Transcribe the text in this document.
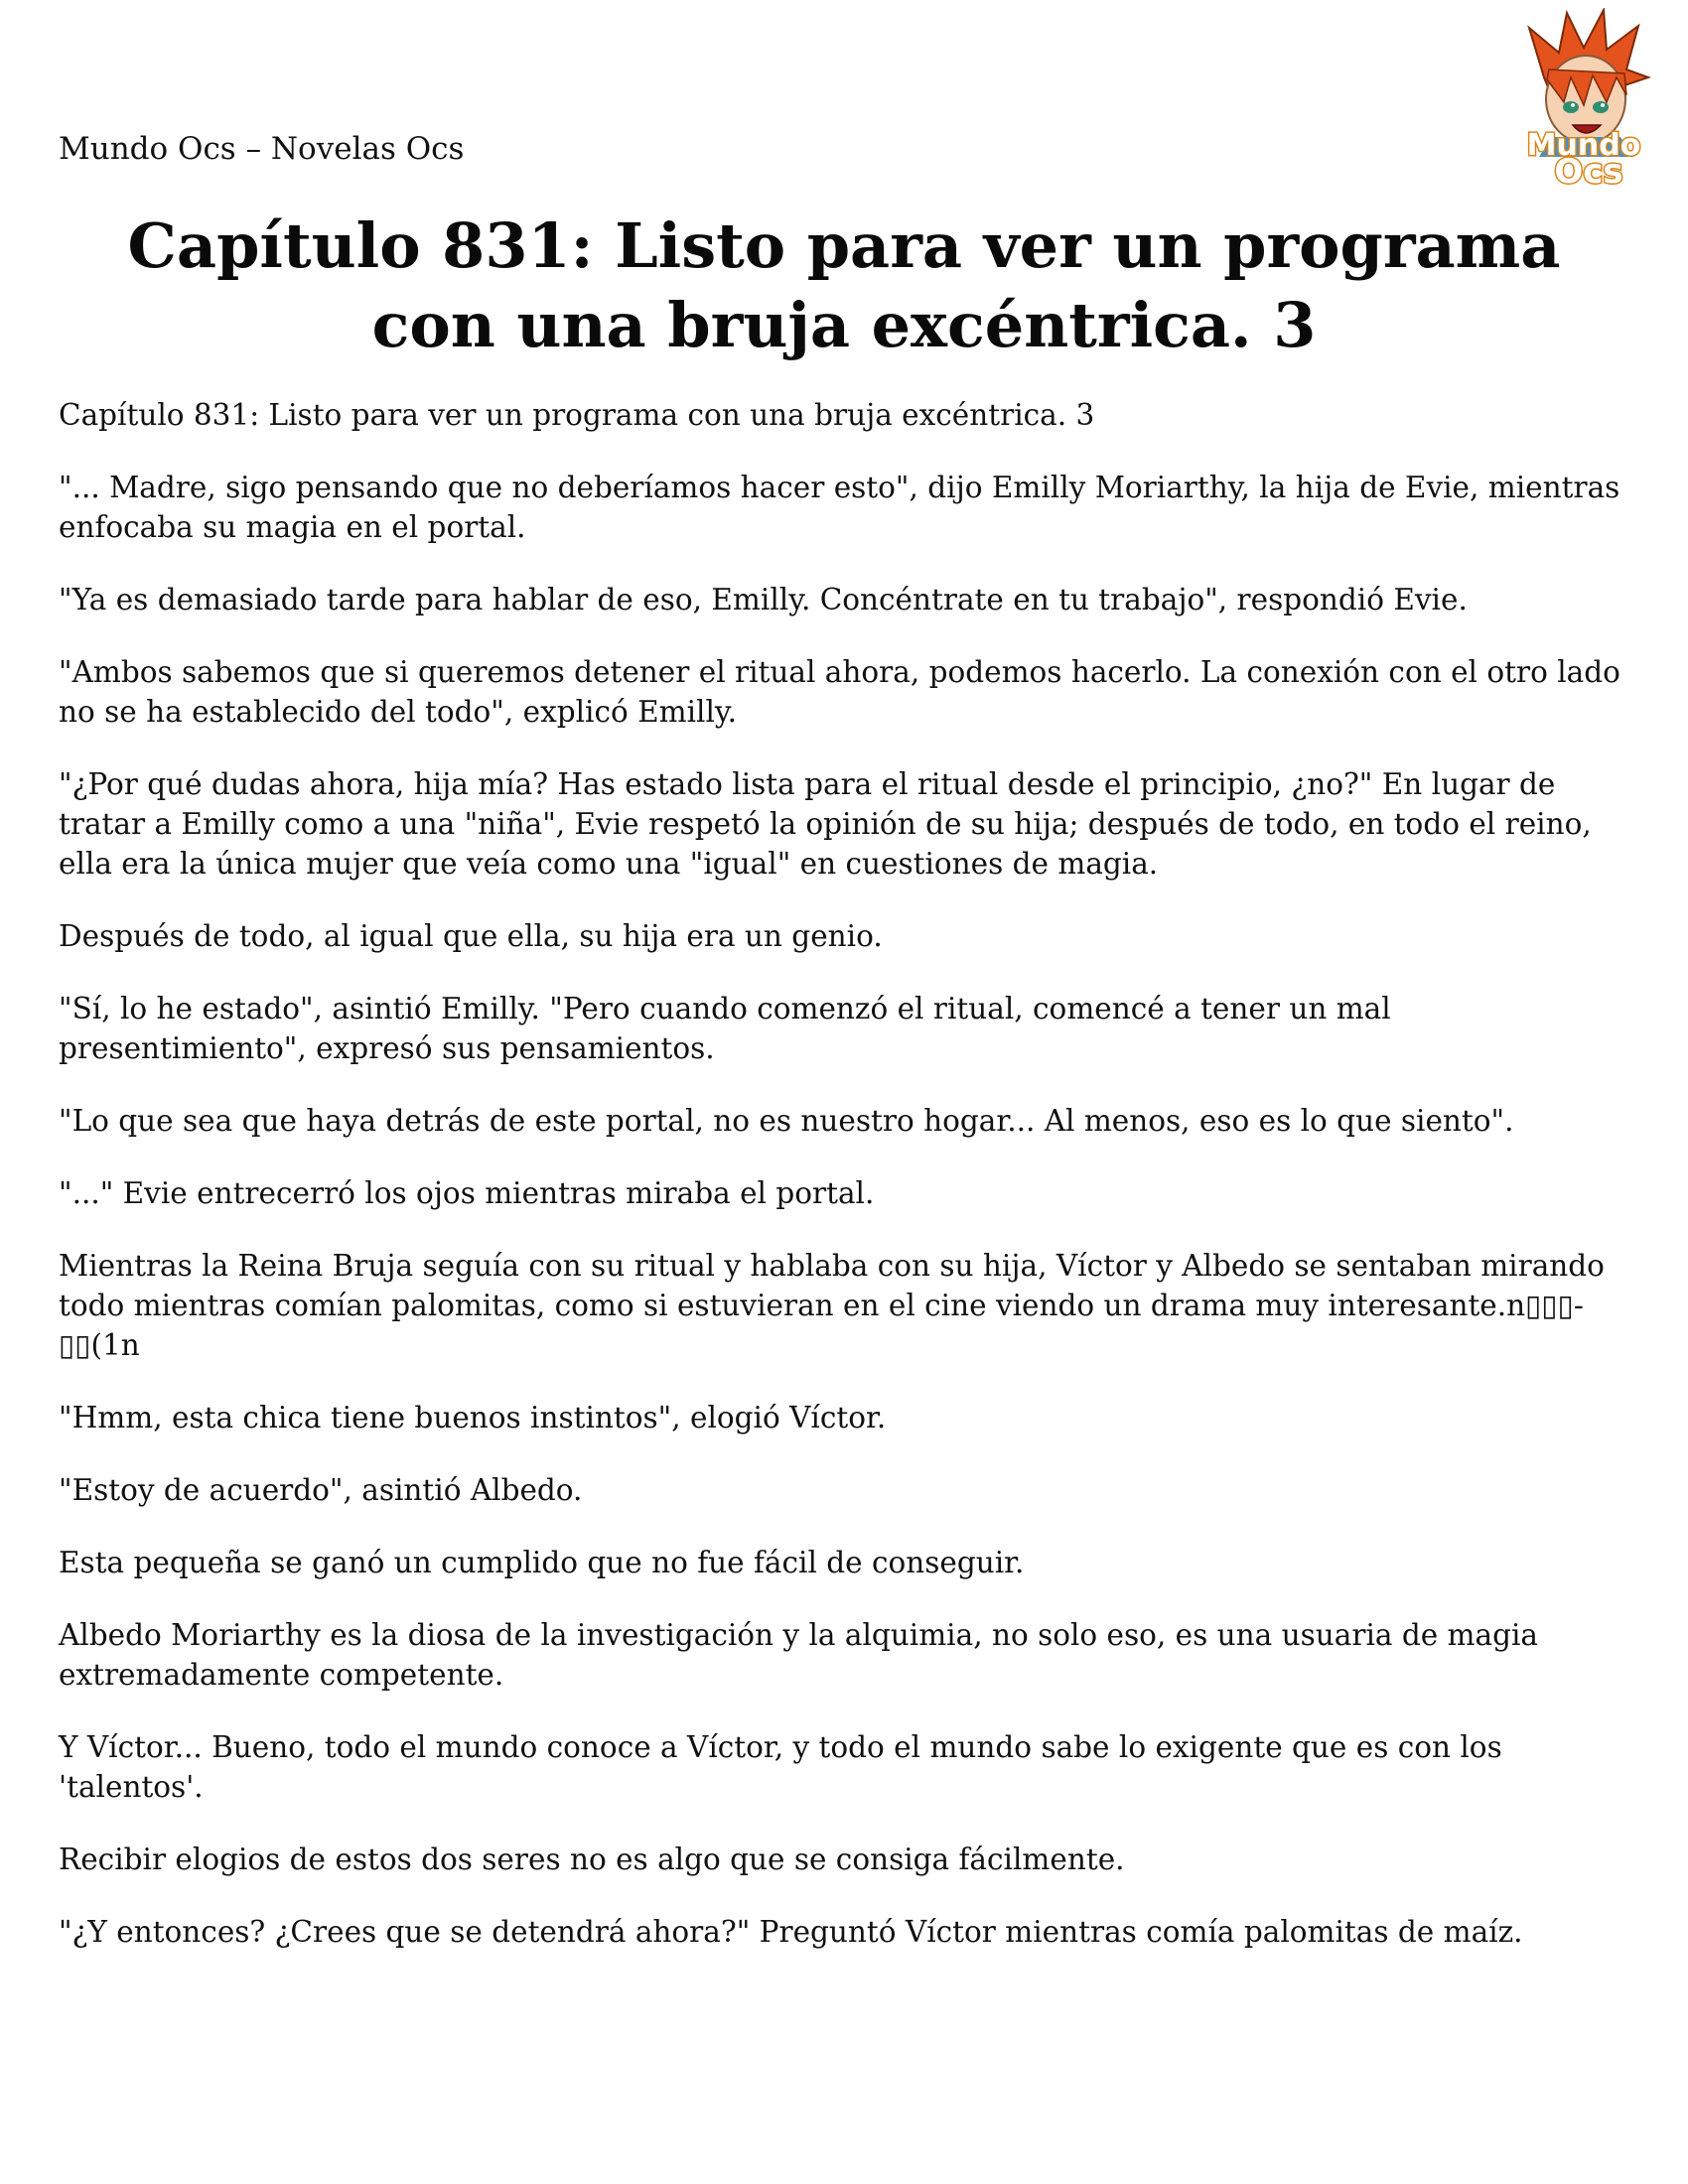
Mundo Ocs – Novelas Ocs	Mundo
Ocs
Capítulo 831: Listo para ver un programa con una bruja excéntrica. 3

Capítulo 831: Listo para ver un programa con una bruja excéntrica. 3

"... Madre, sigo pensando que no deberíamos hacer esto", dijo Emilly Moriarthy, la hija de Evie, mientras enfocaba su magia en el portal.

"Ya es demasiado tarde para hablar de eso, Emilly. Concéntrate en tu trabajo", respondió Evie.

"Ambos sabemos que si queremos detener el ritual ahora, podemos hacerlo. La conexión con el otro lado no se ha establecido del todo", explicó Emilly.

"¿Por qué dudas ahora, hija mía? Has estado lista para el ritual desde el principio, ¿no?" En lugar de tratar a Emilly como a una "niña", Evie respetó la opinión de su hija; después de todo, en todo el reino, ella era la única mujer que veía como una "igual" en cuestiones de magia.

Después de todo, al igual que ella, su hija era un genio.

"Sí, lo he estado", asintió Emilly. "Pero cuando comenzó el ritual, comencé a tener un mal presentimiento", expresó sus pensamientos.

"Lo que sea que haya detrás de este portal, no es nuestro hogar... Al menos, eso es lo que siento".

"..." Evie entrecerró los ojos mientras miraba el portal.

Mientras la Reina Bruja seguía con su ritual y hablaba con su hija, Víctor y Albedo se sentaban mirando todo mientras comían palomitas, como si estuvieran en el cine viendo un drama muy interesante.n▯▯▯-▯▯(1n

"Hmm, esta chica tiene buenos instintos", elogió Víctor.

"Estoy de acuerdo", asintió Albedo.

Esta pequeña se ganó un cumplido que no fue fácil de conseguir.

Albedo Moriarthy es la diosa de la investigación y la alquimia, no solo eso, es una usuaria de magia extremadamente competente.

Y Víctor... Bueno, todo el mundo conoce a Víctor, y todo el mundo sabe lo exigente que es con los 'talentos'.

Recibir elogios de estos dos seres no es algo que se consiga fácilmente.

"¿Y entonces? ¿Crees que se detendrá ahora?" Preguntó Víctor mientras comía palomitas de maíz.
